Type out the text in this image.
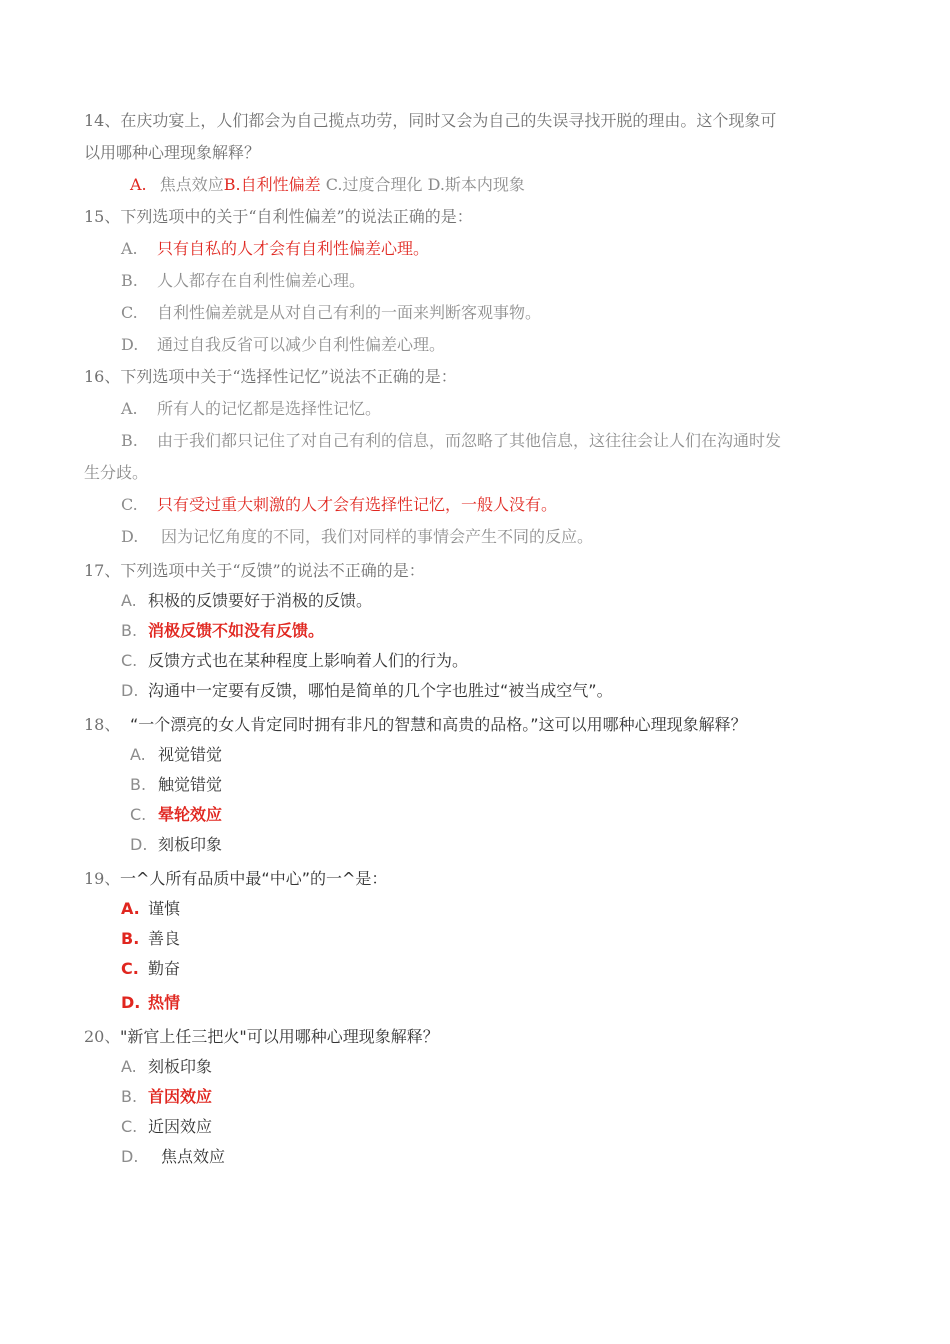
14、在庆功宴上，人们都会为自己揽点功劳，同时又会为自己的失误寻找开脱的理由。这个现象可
以用哪种心理现象解释？
A. 焦点效应B.自利性偏差 C.过度合理化 D.斯本内现象
15、下列选项中的关于“自利性偏差”的说法正确的是：
A. 只有自私的人才会有自利性偏差心理。
B. 人人都存在自利性偏差心理。
C. 自利性偏差就是从对自己有利的一面来判断客观事物。
D. 通过自我反省可以减少自利性偏差心理。
16、下列选项中关于“选择性记忆”说法不正确的是：
A. 所有人的记忆都是选择性记忆。
B. 由于我们都只记住了对自己有利的信息，而忽略了其他信息，这往往会让人们在沟通时发
生分歧。
C. 只有受过重大刺激的人才会有选择性记忆，一般人没有。
D. 因为记忆角度的不同，我们对同样的事情会产生不同的反应。
17、下列选项中关于“反馈”的说法不正确的是：
A. 积极的反馈要好于消极的反馈。
B. 消极反馈不如没有反馈。
C. 反馈方式也在某种程度上影响着人们的行为。
D. 沟通中一定要有反馈，哪怕是简单的几个字也胜过“被当成空气”。
18、 “一个漂亮的女人肯定同时拥有非凡的智慧和高贵的品格。”这可以用哪种心理现象解释？
A. 视觉错觉
B. 触觉错觉
C. 晕轮效应
D. 刻板印象
19、一^人所有品质中最“中心”的一^是：
A. 谨慎
B. 善良
C. 勤奋
D. 热情
20、"新官上任三把火"可以用哪种心理现象解释？
A. 刻板印象
B. 首因效应
C. 近因效应
D. 焦点效应
